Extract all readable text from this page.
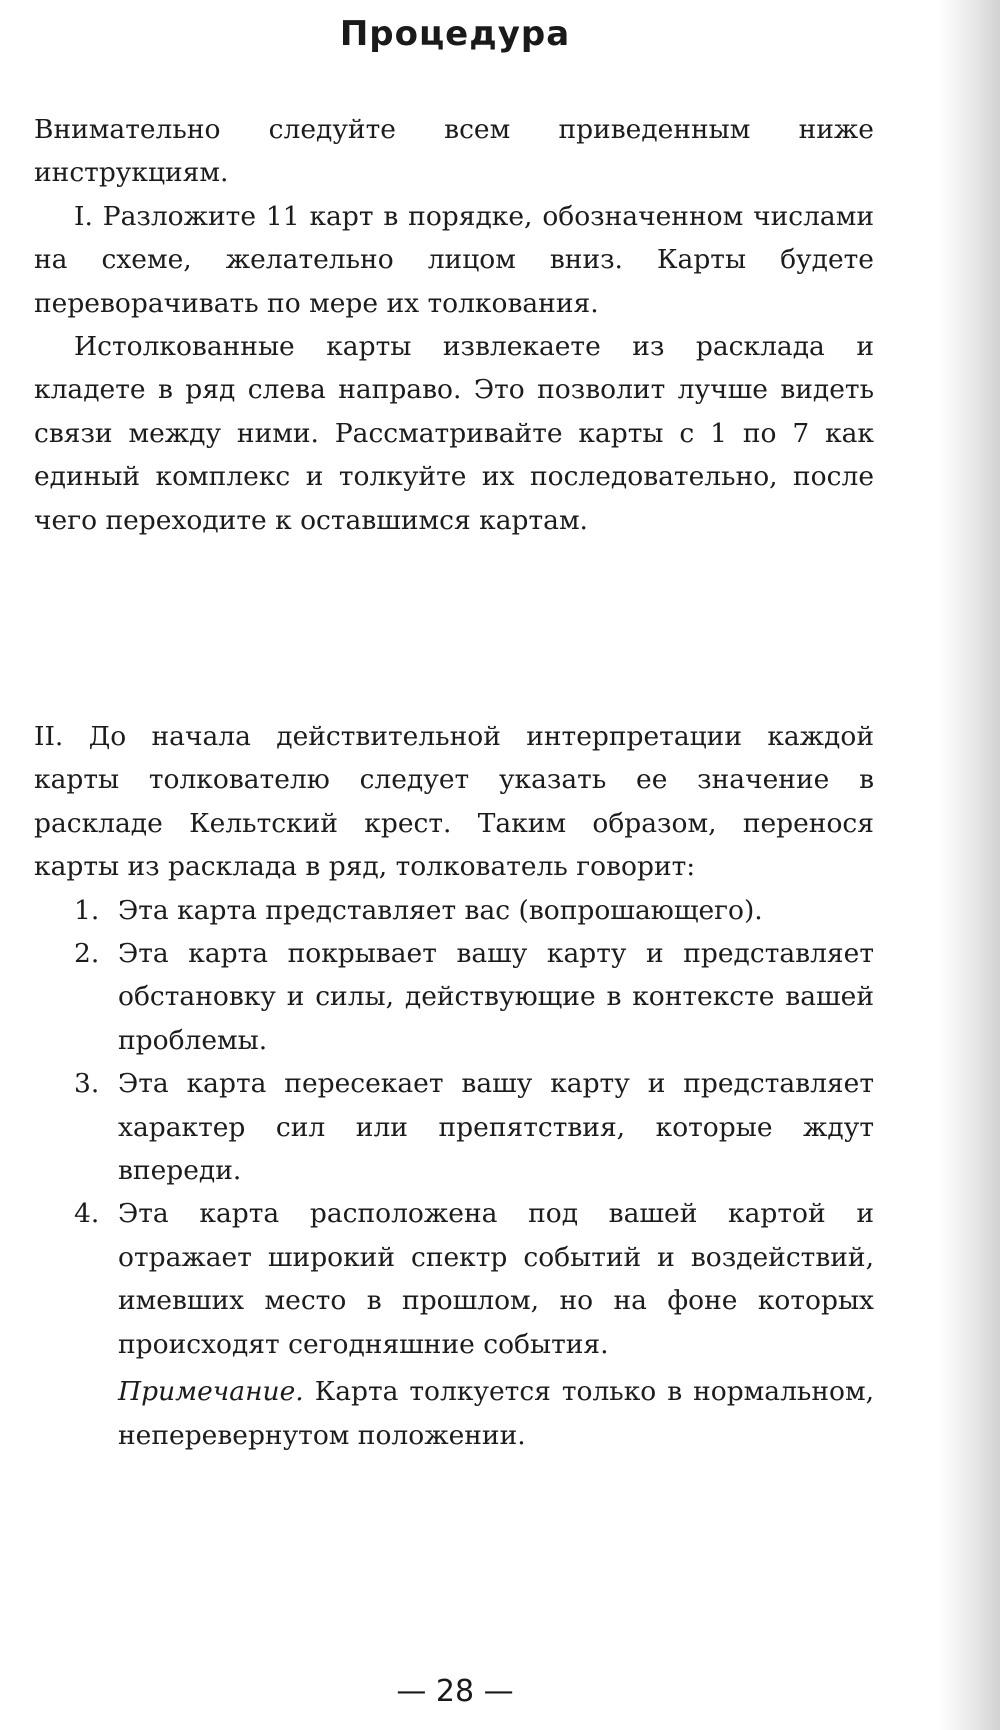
Процедура

Внимательно следуйте всем приведенным ниже инструкциям.

I. Разложите 11 карт в порядке, обозначенном числами на схеме, желательно лицом вниз. Карты будете переворачивать по мере их толкования.

Истолкованные карты извлекаете из расклада и кладете в ряд слева направо. Это позволит лучше видеть связи между ними. Рассматривайте карты с 1 по 7 как единый комплекс и толкуйте их последовательно, после чего переходите к оставшимся картам.

II. До начала действительной интерпретации каждой карты толкователю следует указать ее значение в раскладе Кельтский крест. Таким образом, перенося карты из расклада в ряд, толкователь говорит:

1. Эта карта представляет вас (вопрошающего).
2. Эта карта покрывает вашу карту и представляет обстановку и силы, действующие в контексте вашей проблемы.
3. Эта карта пересекает вашу карту и представляет характер сил или препятствия, которые ждут впереди.
4. Эта карта расположена под вашей картой и отражает широкий спектр событий и воздействий, имевших место в прошлом, но на фоне которых происходят сегодняшние события.

Примечание. Карта толкуется только в нормальном, неперевернутом положении.

— 28 —
